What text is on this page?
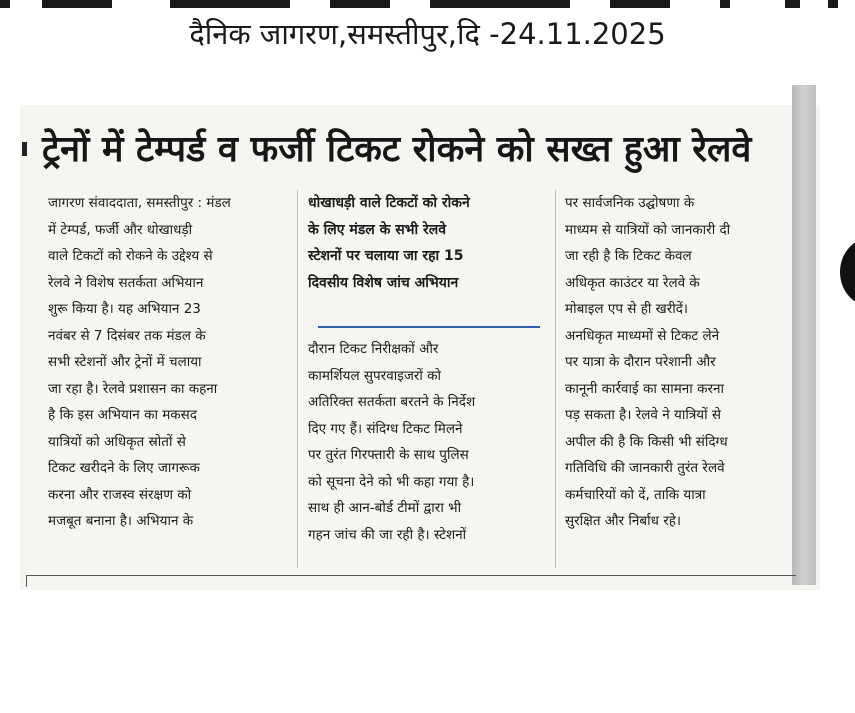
दैनिक जागरण,समस्तीपुर,दि -24.11.2025
ट्रेनों में टेम्पर्ड व फर्जी टिकट रोकने को सख्त हुआ रेलवे
जागरण संवाददाता, समस्तीपुर : मंडल
में टेम्पर्ड, फर्जी और धोखाधड़ी
वाले टिकटों को रोकने के उद्देश्य से
रेलवे ने विशेष सतर्कता अभियान
शुरू किया है। यह अभियान 23
नवंबर से 7 दिसंबर तक मंडल के
सभी स्टेशनों और ट्रेनों में चलाया
जा रहा है। रेलवे प्रशासन का कहना
है कि इस अभियान का मकसद
यात्रियों को अधिकृत स्रोतों से
टिकट खरीदने के लिए जागरूक
करना और राजस्व संरक्षण को
मजबूत बनाना है। अभियान के
धोखाधड़ी वाले टिकटों को रोकने
के लिए मंडल के सभी रेलवे
स्टेशनों पर चलाया जा रहा 15
दिवसीय विशेष जांच अभियान
दौरान टिकट निरीक्षकों और
कामर्शियल सुपरवाइजरों को
अतिरिक्त सतर्कता बरतने के निर्देश
दिए गए हैं। संदिग्ध टिकट मिलने
पर तुरंत गिरफ्तारी के साथ पुलिस
को सूचना देने को भी कहा गया है।
साथ ही आन-बोर्ड टीमों द्वारा भी
गहन जांच की जा रही है। स्टेशनों
पर सार्वजनिक उद्घोषणा के
माध्यम से यात्रियों को जानकारी दी
जा रही है कि टिकट केवल
अधिकृत काउंटर या रेलवे के
मोबाइल एप से ही खरीदें।
अनधिकृत माध्यमों से टिकट लेने
पर यात्रा के दौरान परेशानी और
कानूनी कार्रवाई का सामना करना
पड़ सकता है। रेलवे ने यात्रियों से
अपील की है कि किसी भी संदिग्ध
गतिविधि की जानकारी तुरंत रेलवे
कर्मचारियों को दें, ताकि यात्रा
सुरक्षित और निर्बाध रहे।
